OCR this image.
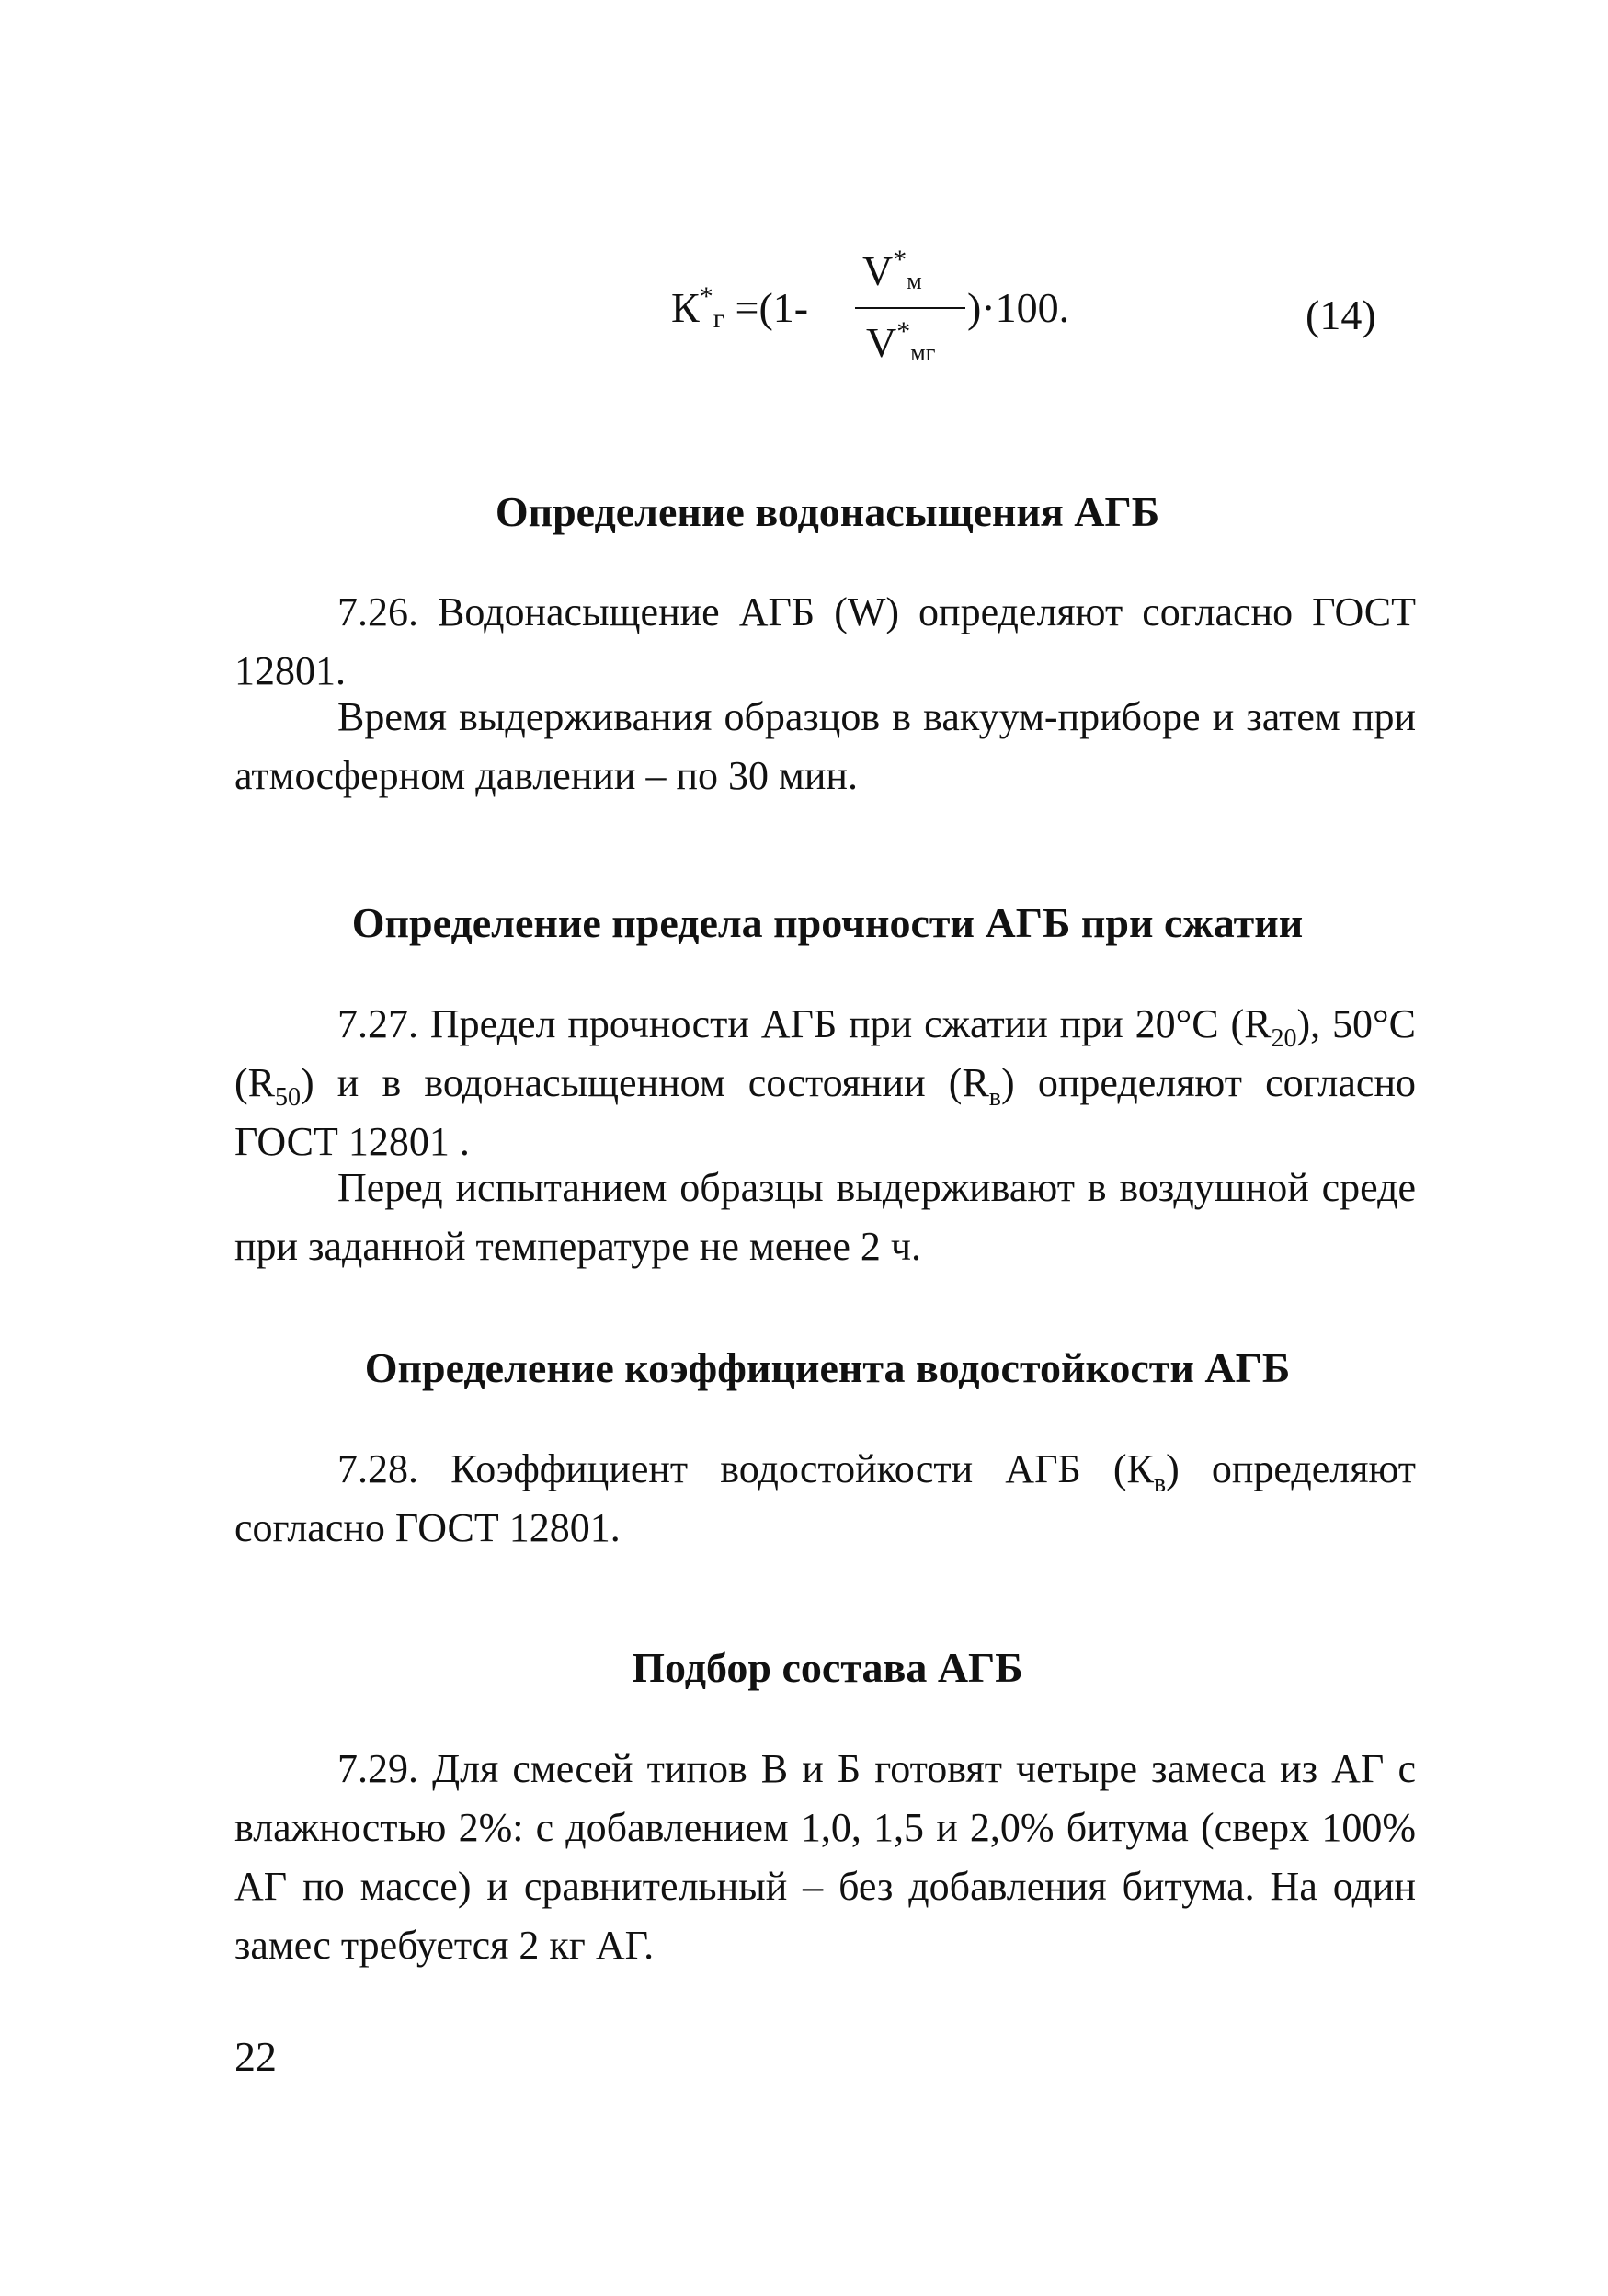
К*г =(1-
V*м
V*мг
)·100.	(14)
Определение водонасыщения АГБ
7.26. Водонасыщение АГБ (W) определяют согласно ГОСТ 12801.
Время выдерживания образцов в вакуум-приборе и затем при атмосферном давлении – по 30 мин.
Определение предела прочности АГБ при сжатии
7.27. Предел прочности АГБ при сжатии при 20°С $(R_{20})$, 50°С $(R_{50})$ и в водонасыщенном состоянии $(R_в)$ определяют согласно ГОСТ 12801 .
Перед испытанием образцы выдерживают в воздушной среде при заданной температуре не менее 2 ч.
Определение коэффициента водостойкости АГБ
7.28. Коэффициент водостойкости АГБ $(К_в)$ определяют согласно ГОСТ 12801.
Подбор состава АГБ
7.29. Для смесей типов В и Б готовят четыре замеса из АГ с влажностью 2%: с добавлением 1,0, 1,5 и 2,0% битума (сверх 100% АГ по массе) и сравнительный – без добавления битума. На один замес требуется 2 кг АГ.
22
